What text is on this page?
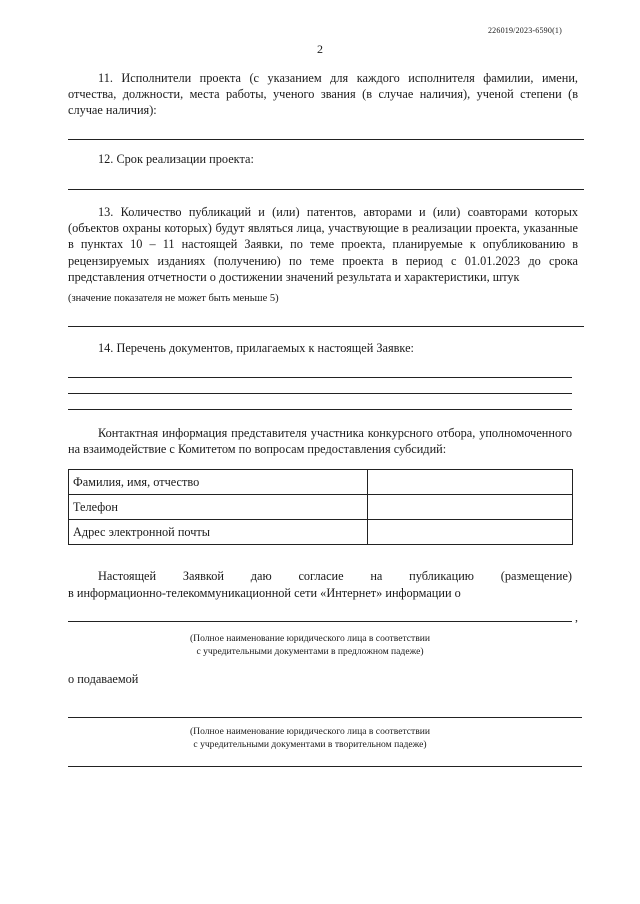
226019/2023-6590(1)
2
11. Исполнители проекта (с указанием для каждого исполнителя фамилии, имени, отчества, должности, места работы, ученого звания (в случае наличия), ученой степени (в случае наличия):
12. Срок реализации проекта:
13. Количество публикаций и (или) патентов, авторами и (или) соавторами которых (объектов охраны которых) будут являться лица, участвующие в реализации проекта, указанные в пунктах 10 – 11 настоящей Заявки, по теме проекта, планируемые к опубликованию в рецензируемых изданиях (получению) по теме проекта в период с 01.01.2023 до срока представления отчетности о достижении значений результата и характеристики, штук
(значение показателя не может быть меньше 5)
14. Перечень документов, прилагаемых к настоящей Заявке:
Контактная информация представителя участника конкурсного отбора, уполномоченного на взаимодействие с Комитетом по вопросам предоставления субсидий:
Фамилия, имя, отчество	
Телефон	
Адрес электронной почты	
Настоящей Заявкой даю согласие на публикацию (размещение)
в информационно-телекоммуникационной сети «Интернет» информации о
,
(Полное наименование юридического лица в соответствии
с учредительными документами в предложном падеже)
о подаваемой
(Полное наименование юридического лица в соответствии
с учредительными документами в творительном падеже)
